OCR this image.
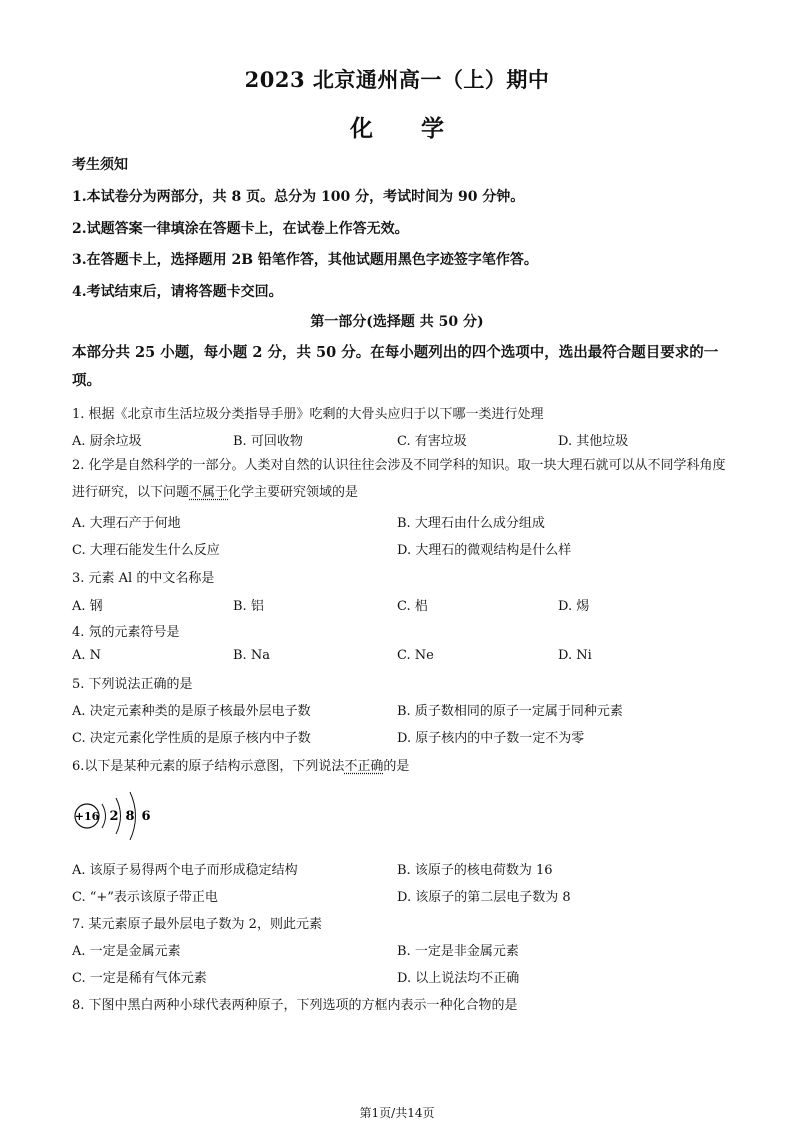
2023 北京通州高一（上）期中
化学
考生须知
1.本试卷分为两部分，共 8 页。总分为 100 分，考试时间为 90 分钟。
2.试题答案一律填涂在答题卡上，在试卷上作答无效。
3.在答题卡上，选择题用 2B 铅笔作答，其他试题用黑色字迹签字笔作答。
4.考试结束后，请将答题卡交回。
第一部分(选择题 共 50 分)
本部分共 25 小题，每小题 2 分，共 50 分。在每小题列出的四个选项中，选出最符合题目要求的一项。
1. 根据《北京市生活垃圾分类指导手册》吃剩的大骨头应归于以下哪一类进行处理
A. 厨余垃圾	B. 可回收物	C. 有害垃圾	D. 其他垃圾
2. 化学是自然科学的一部分。人类对自然的认识往往会涉及不同学科的知识。取一块大理石就可以从不同学科角度进行研究，以下问题不属于化学主要研究领域的是
A. 大理石产于何地	B. 大理石由什么成分组成
C. 大理石能发生什么反应	D. 大理石的微观结构是什么样
3. 元素 Al 的中文名称是
A. 钢	B. 铝	C. 梠	D. 焬
4. 氖的元素符号是
A. N	B. Na	C. Ne	D. Ni
5. 下列说法正确的是
A. 决定元素种类的是原子核最外层电子数	B. 质子数相同的原子一定属于同种元素
C. 决定元素化学性质的是原子核内中子数	D. 原子核内的中子数一定不为零
6.以下是某种元素的原子结构示意图，下列说法不正确的是
+16 2 8 6
A. 该原子易得两个电子而形成稳定结构	B. 该原子的核电荷数为 16
C. “+”表示该原子带正电	D. 该原子的第二层电子数为 8
7. 某元素原子最外层电子数为 2，则此元素
A. 一定是金属元素	B. 一定是非金属元素
C. 一定是稀有气体元素	D. 以上说法均不正确
8. 下图中黑白两种小球代表两种原子，下列选项的方框内表示一种化合物的是
第1页/共14页
